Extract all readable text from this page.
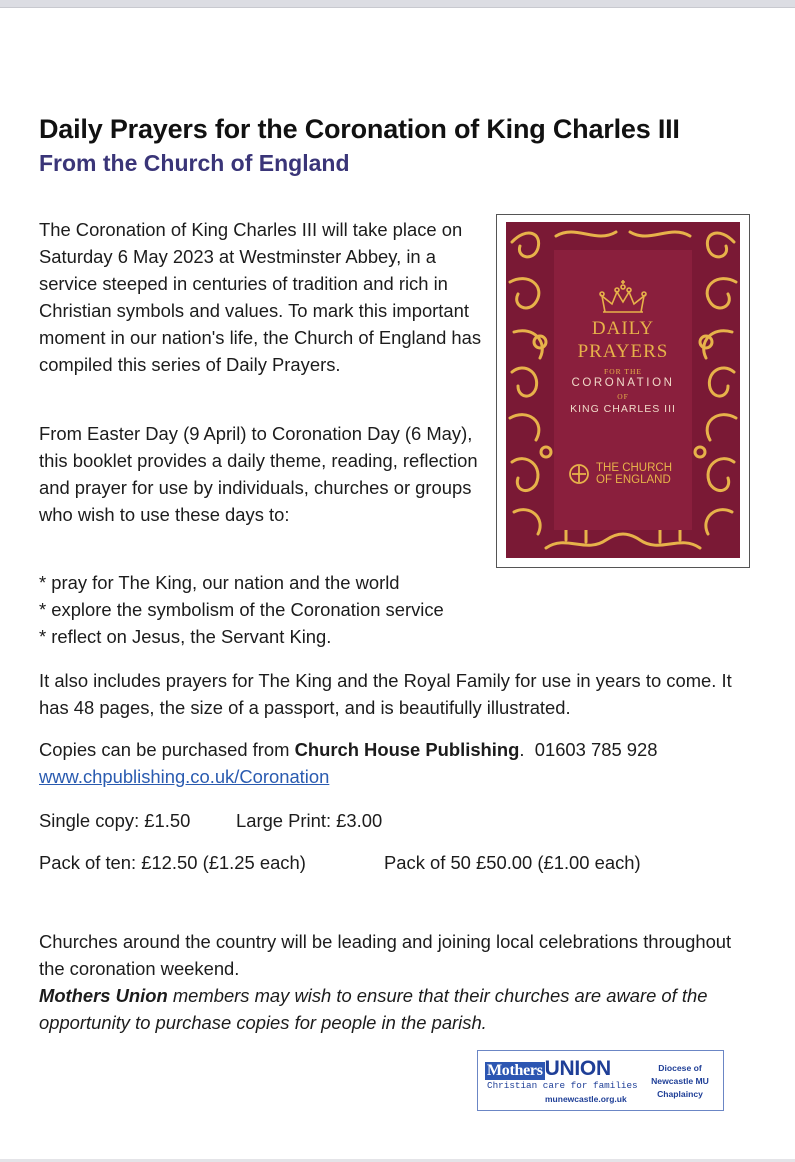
Daily Prayers for the Coronation of King Charles III
From the Church of England

The Coronation of King Charles III will take place on Saturday 6 May 2023 at Westminster Abbey, in a service steeped in centuries of tradition and rich in Christian symbols and values. To mark this important moment in our nation's life, the Church of England has compiled this series of Daily Prayers.

From Easter Day (9 April) to Coronation Day (6 May), this booklet provides a daily theme, reading, reflection and prayer for use by individuals, churches or groups who wish to use these days to:

* pray for The King, our nation and the world
* explore the symbolism of the Coronation service
* reflect on Jesus, the Servant King.

It also includes prayers for The King and the Royal Family for use in years to come. It has 48 pages, the size of a passport, and is beautifully illustrated.

Copies can be purchased from Church House Publishing. 01603 785 928
www.chpublishing.co.uk/Coronation

Single copy: £1.50 Large Print: £3.00

Pack of ten: £12.50 (£1.25 each)	Pack of 50 £50.00 (£1.00 each)

Churches around the country will be leading and joining local celebrations throughout the coronation weekend.
Mothers Union members may wish to ensure that their churches are aware of the opportunity to purchase copies for people in the parish.

DAILY

PRAYERS

FOR THE

CORONATION

OF

KING CHARLES III

THE CHURCH
OF ENGLAND

MothersUNION

Christian care for families

munewcastle.org.uk

Diocese of
Newcastle MU
Chaplaincy
